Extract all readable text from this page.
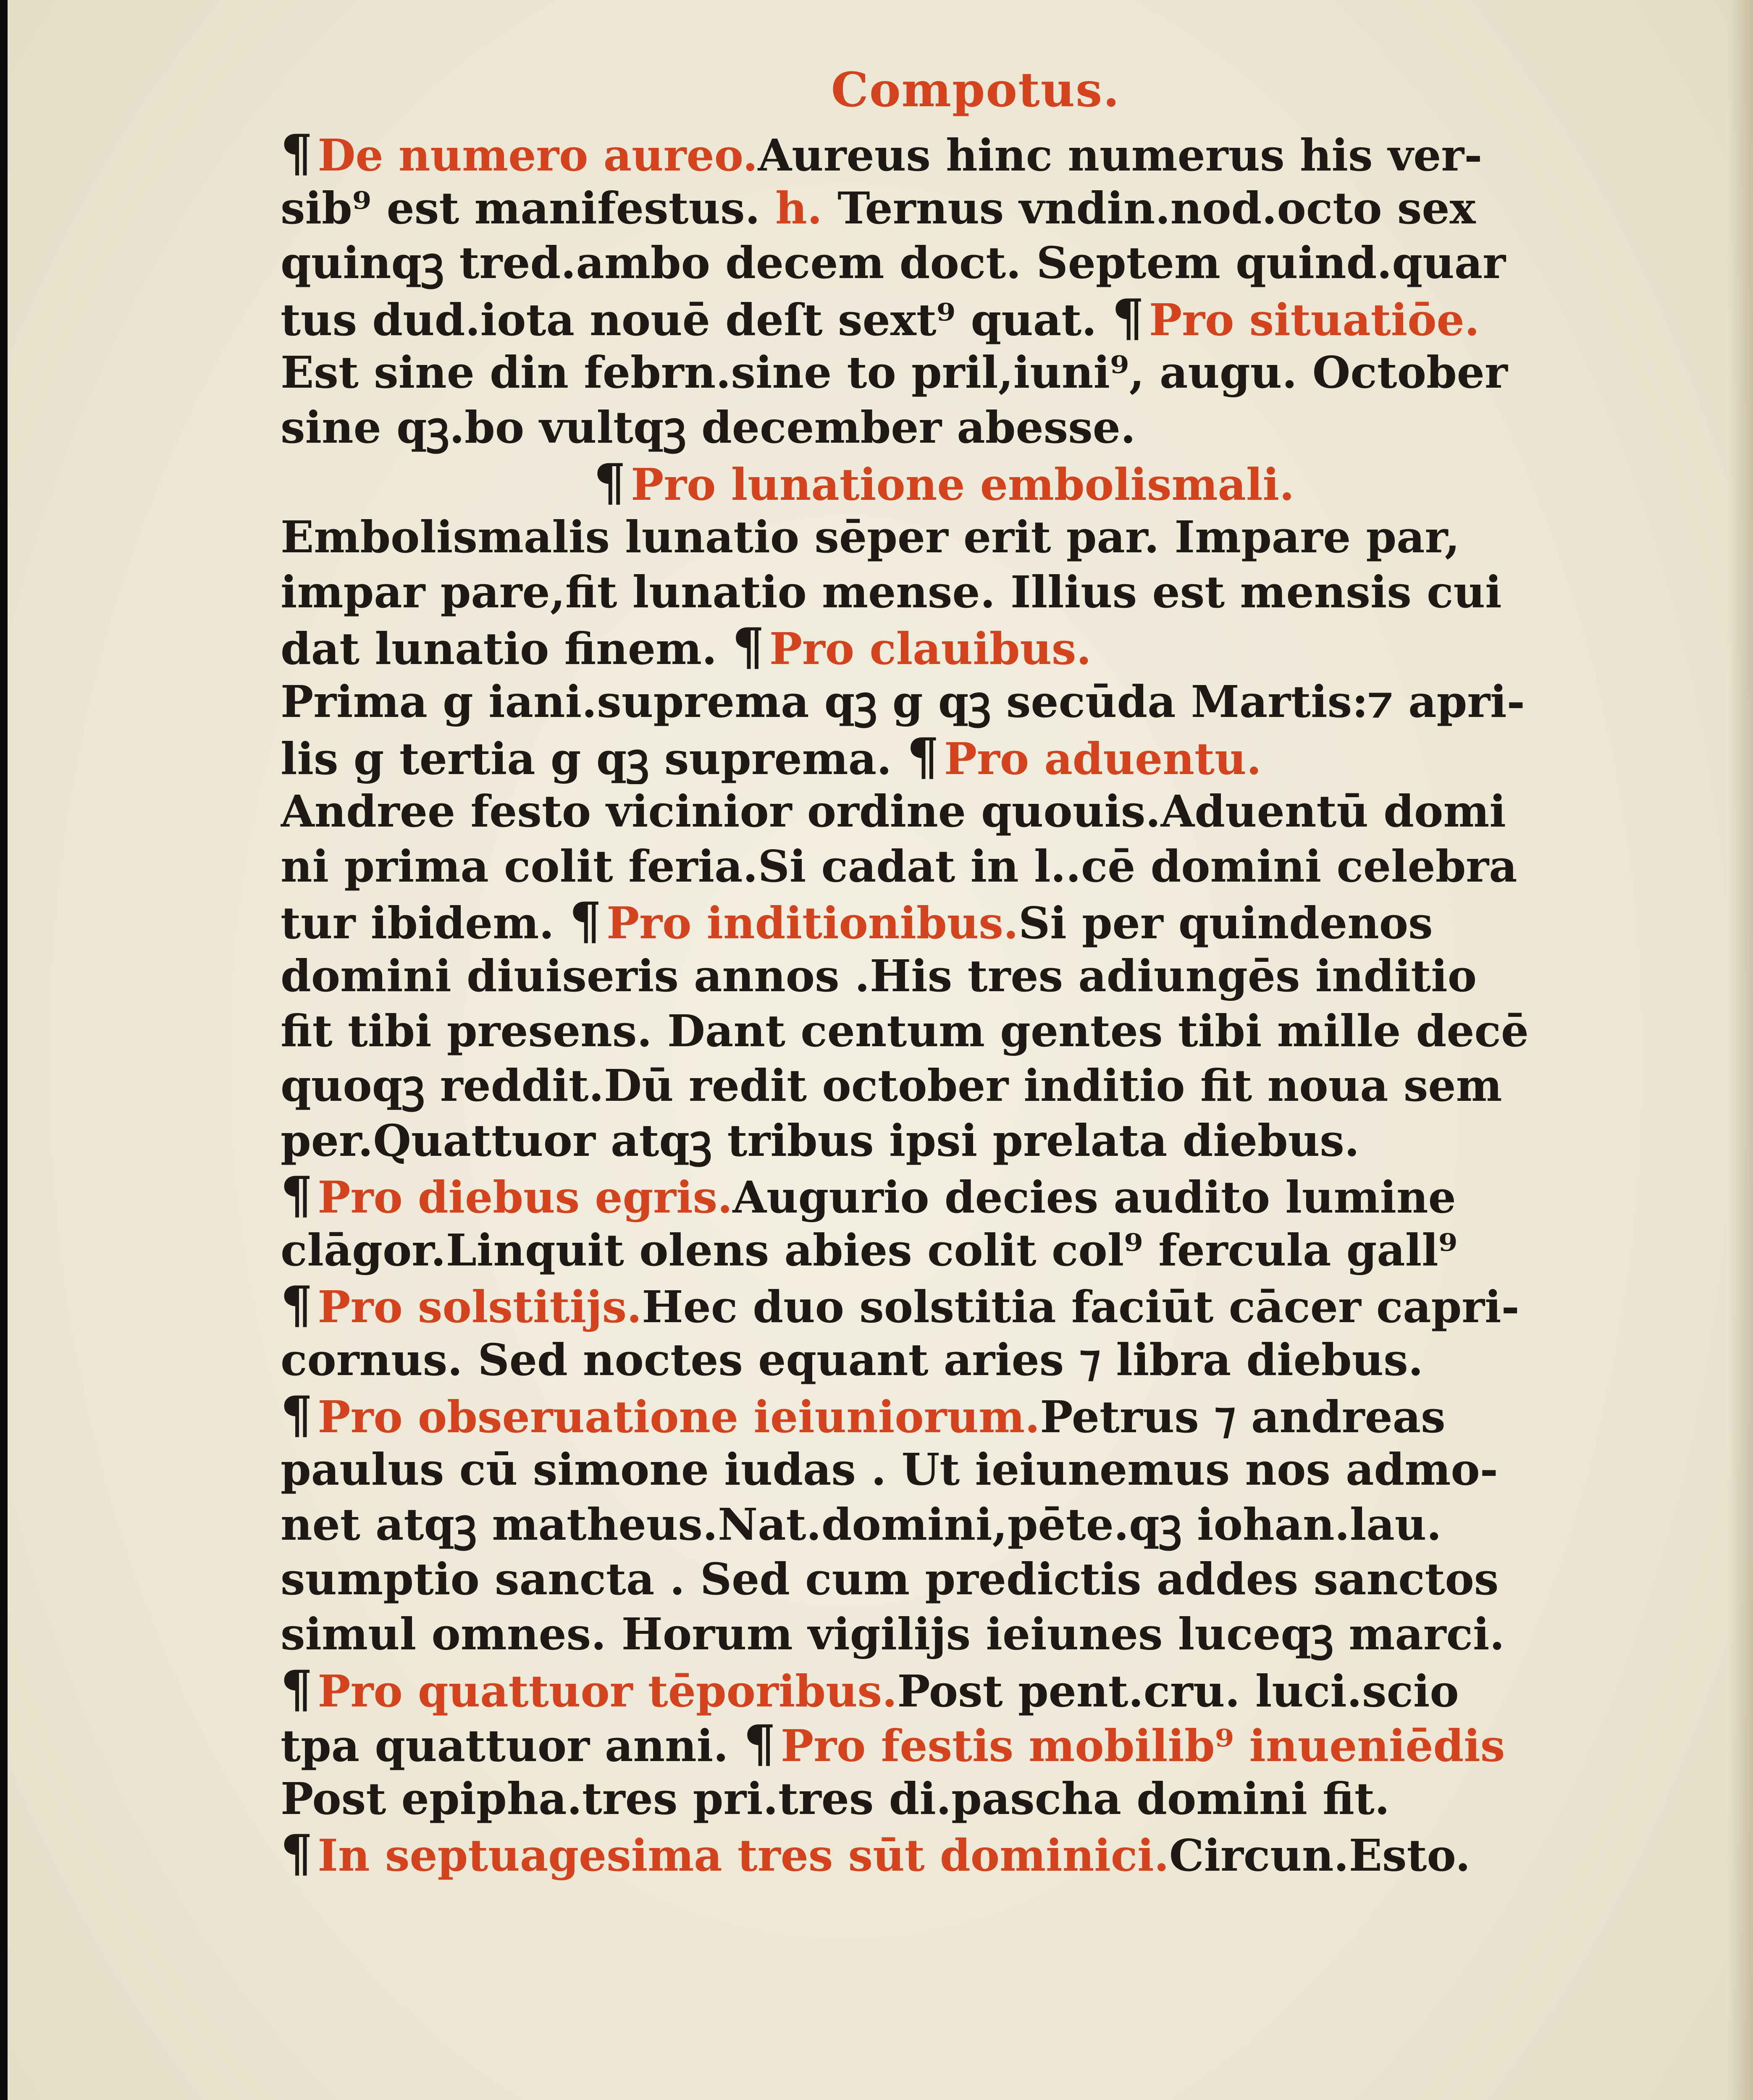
Compotus.
¶ De numero aureo. Aureus hinc numerus his ver-
sib⁹ est manifestus. h. Ternus vndin.nod.octo sex
quinqꝫ tred.ambo decem doct. Septem quind.quar
tus dud.iota nouē deſt sext⁹ quat. ¶ Pro situatiōe.
Est sine din febrn.sine to pril,iuni⁹, augu. October
sine qꝫ.bo vultqꝫ december abesse.
¶ Pro lunatione embolismali.
Embolismalis lunatio sēper erit par. Impare par,
impar pare,fit lunatio mense. Illius est mensis cui
dat lunatio finem. ¶ Pro clauibus.
Prima g iani.suprema qꝫ g qꝫ secūda Martis:⁊ apri-
lis g tertia g qꝫ suprema. ¶ Pro aduentu.
Andree festo vicinior ordine quouis.Aduentū domi
ni prima colit feria.Si cadat in l..cē domini celebra
tur ibidem. ¶ Pro inditionibus. Si per quindenos
domini diuiseris annos .His tres adiungēs inditio
fit tibi presens. Dant centum gentes tibi mille decē
quoqꝫ reddit.Dū redit october inditio fit noua sem
per.Quattuor atqꝫ tribus ipsi prelata diebus.
¶ Pro diebus egris. Augurio decies audito lumine
clāgor.Linquit olens abies colit col⁹ fercula gall⁹
¶ Pro solstitijs. Hec duo solstitia faciūt cācer capri-
cornus. Sed noctes equant aries ⁊ libra diebus.
¶ Pro obseruatione ieiuniorum. Petrus ⁊ andreas
paulus cū simone iudas . Ut ieiunemus nos admo-
net atqꝫ matheus.Nat.domini,pēte.qꝫ iohan.lau.
sumptio sancta . Sed cum predictis addes sanctos
simul omnes. Horum vigilijs ieiunes luceqꝫ marci.
¶ Pro quattuor tēporibus. Post pent.cru. luci.scio
tpa quattuor anni. ¶ Pro festis mobilib⁹ inueniēdis
Post epipha.tres pri.tres di.pascha domini fit.
¶ In septuagesima tres sūt dominici. Circun.Esto.
